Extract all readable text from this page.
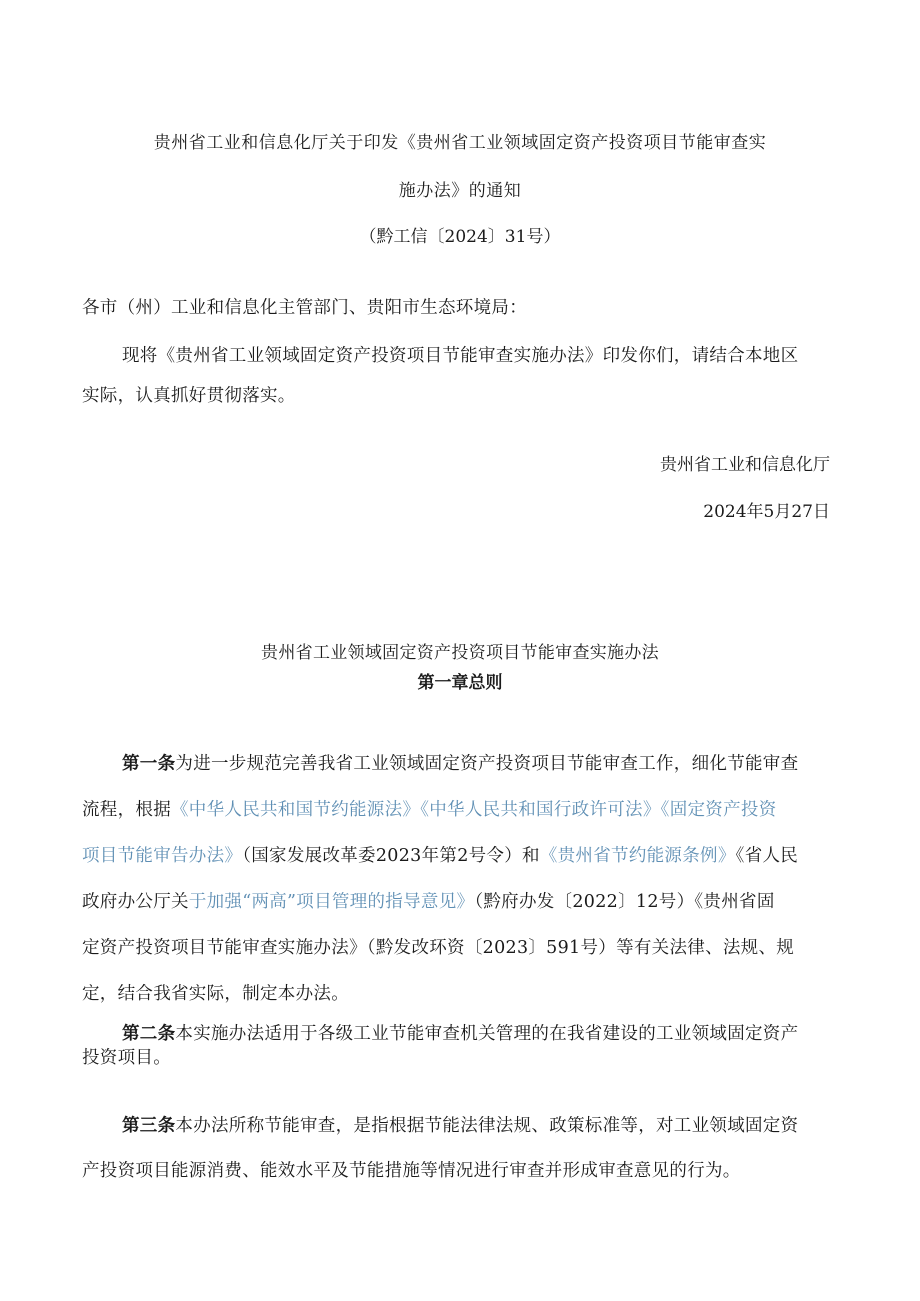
贵州省工业和信息化厅关于印发《贵州省工业领域固定资产投资项目节能审查实
施办法》的通知
（黔工信〔2024〕31号）
各市（州）工业和信息化主管部门、贵阳市生态环境局：
现将《贵州省工业领域固定资产投资项目节能审查实施办法》印发你们，请结合本地区
实际，认真抓好贯彻落实。
贵州省工业和信息化厅
2024年5月27日
贵州省工业领域固定资产投资项目节能审查实施办法
第一章总则
第一条为进一步规范完善我省工业领域固定资产投资项目节能审查工作，细化节能审查
流程，根据《中华人民共和国节约能源法》《中华人民共和国行政许可法》《固定资产投资
项目节能审告办法》（国家发展改革委2023年第2号令）和《贵州省节约能源条例》《省人民
政府办公厅关于加强“两高”项目管理的指导意见》（黔府办发〔2022〕12号）《贵州省固
定资产投资项目节能审查实施办法》（黔发改环资〔2023〕591号）等有关法律、法规、规
定，结合我省实际，制定本办法。
第二条本实施办法适用于各级工业节能审查机关管理的在我省建设的工业领域固定资产
投资项目。
第三条本办法所称节能审查，是指根据节能法律法规、政策标准等，对工业领域固定资
产投资项目能源消费、能效水平及节能措施等情况进行审查并形成审查意见的行为。
